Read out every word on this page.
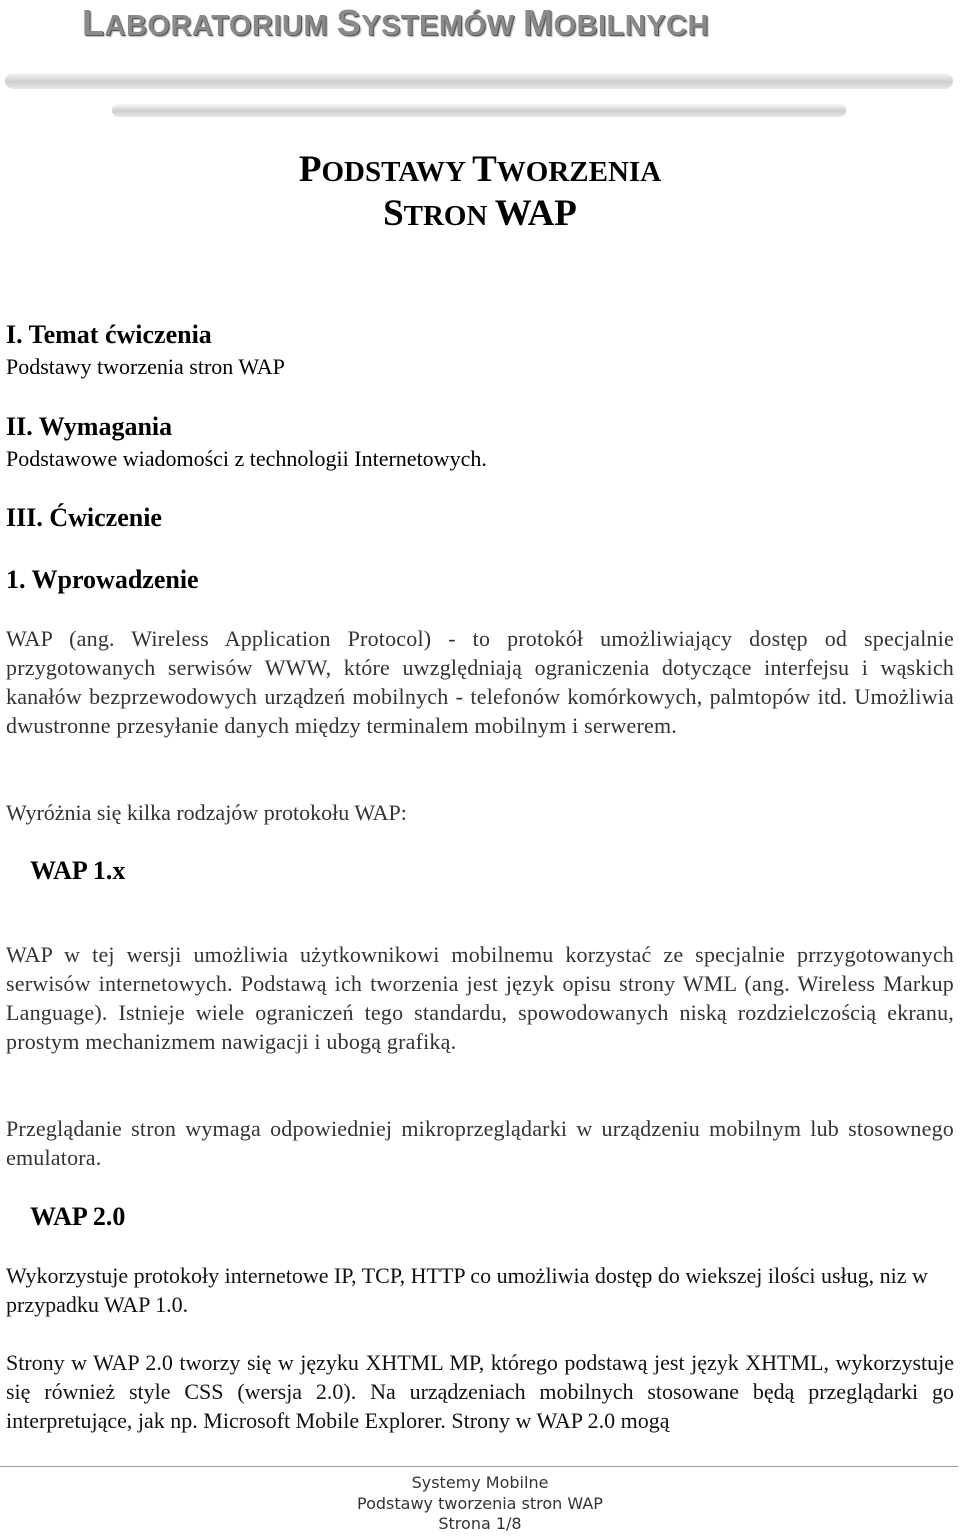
LABORATORIUM SYSTEMÓW MOBILNYCH
PODSTAWY TWORZENIA
STRON WAP
I. Temat ćwiczenia

Podstawy tworzenia stron WAP

II. Wymagania

Podstawowe wiadomości z technologii Internetowych.

III. Ćwiczenie
1. Wprowadzenie

WAP (ang. Wireless Application Protocol) - to protokół umożliwiający dostęp od specjalnie przygotowanych serwisów WWW, które uwzględniają ograniczenia dotyczące interfejsu i wąskich kanałów bezprzewodowych urządzeń mobilnych - telefonów komórkowych, palmtopów itd. Umożliwia dwustronne przesyłanie danych między terminalem mobilnym i serwerem.

Wyróżnia się kilka rodzajów protokołu WAP:

WAP 1.x

WAP w tej wersji umożliwia użytkownikowi mobilnemu korzystać ze specjalnie prrzygotowanych serwisów internetowych. Podstawą ich tworzenia jest język opisu strony WML (ang. Wireless Markup Language). Istnieje wiele ograniczeń tego standardu, spowodowanych niską rozdzielczością ekranu, prostym mechanizmem nawigacji i ubogą grafiką.

Przeglądanie stron wymaga odpowiedniej mikroprzeglądarki w urządzeniu mobilnym lub stosownego emulatora.

WAP 2.0

Wykorzystuje protokoły internetowe IP, TCP, HTTP co umożliwia dostęp do wiekszej ilości usług, niz w przypadku WAP 1.0.

Strony w WAP 2.0 tworzy się w języku XHTML MP, którego podstawą jest język XHTML, wykorzystuje się również style CSS (wersja 2.0). Na urządzeniach mobilnych stosowane będą przeglądarki go interpretujące, jak np. Microsoft Mobile Explorer. Strony w WAP 2.0 mogą

Systemy Mobilne
Podstawy tworzenia stron WAP
Strona 1/8
